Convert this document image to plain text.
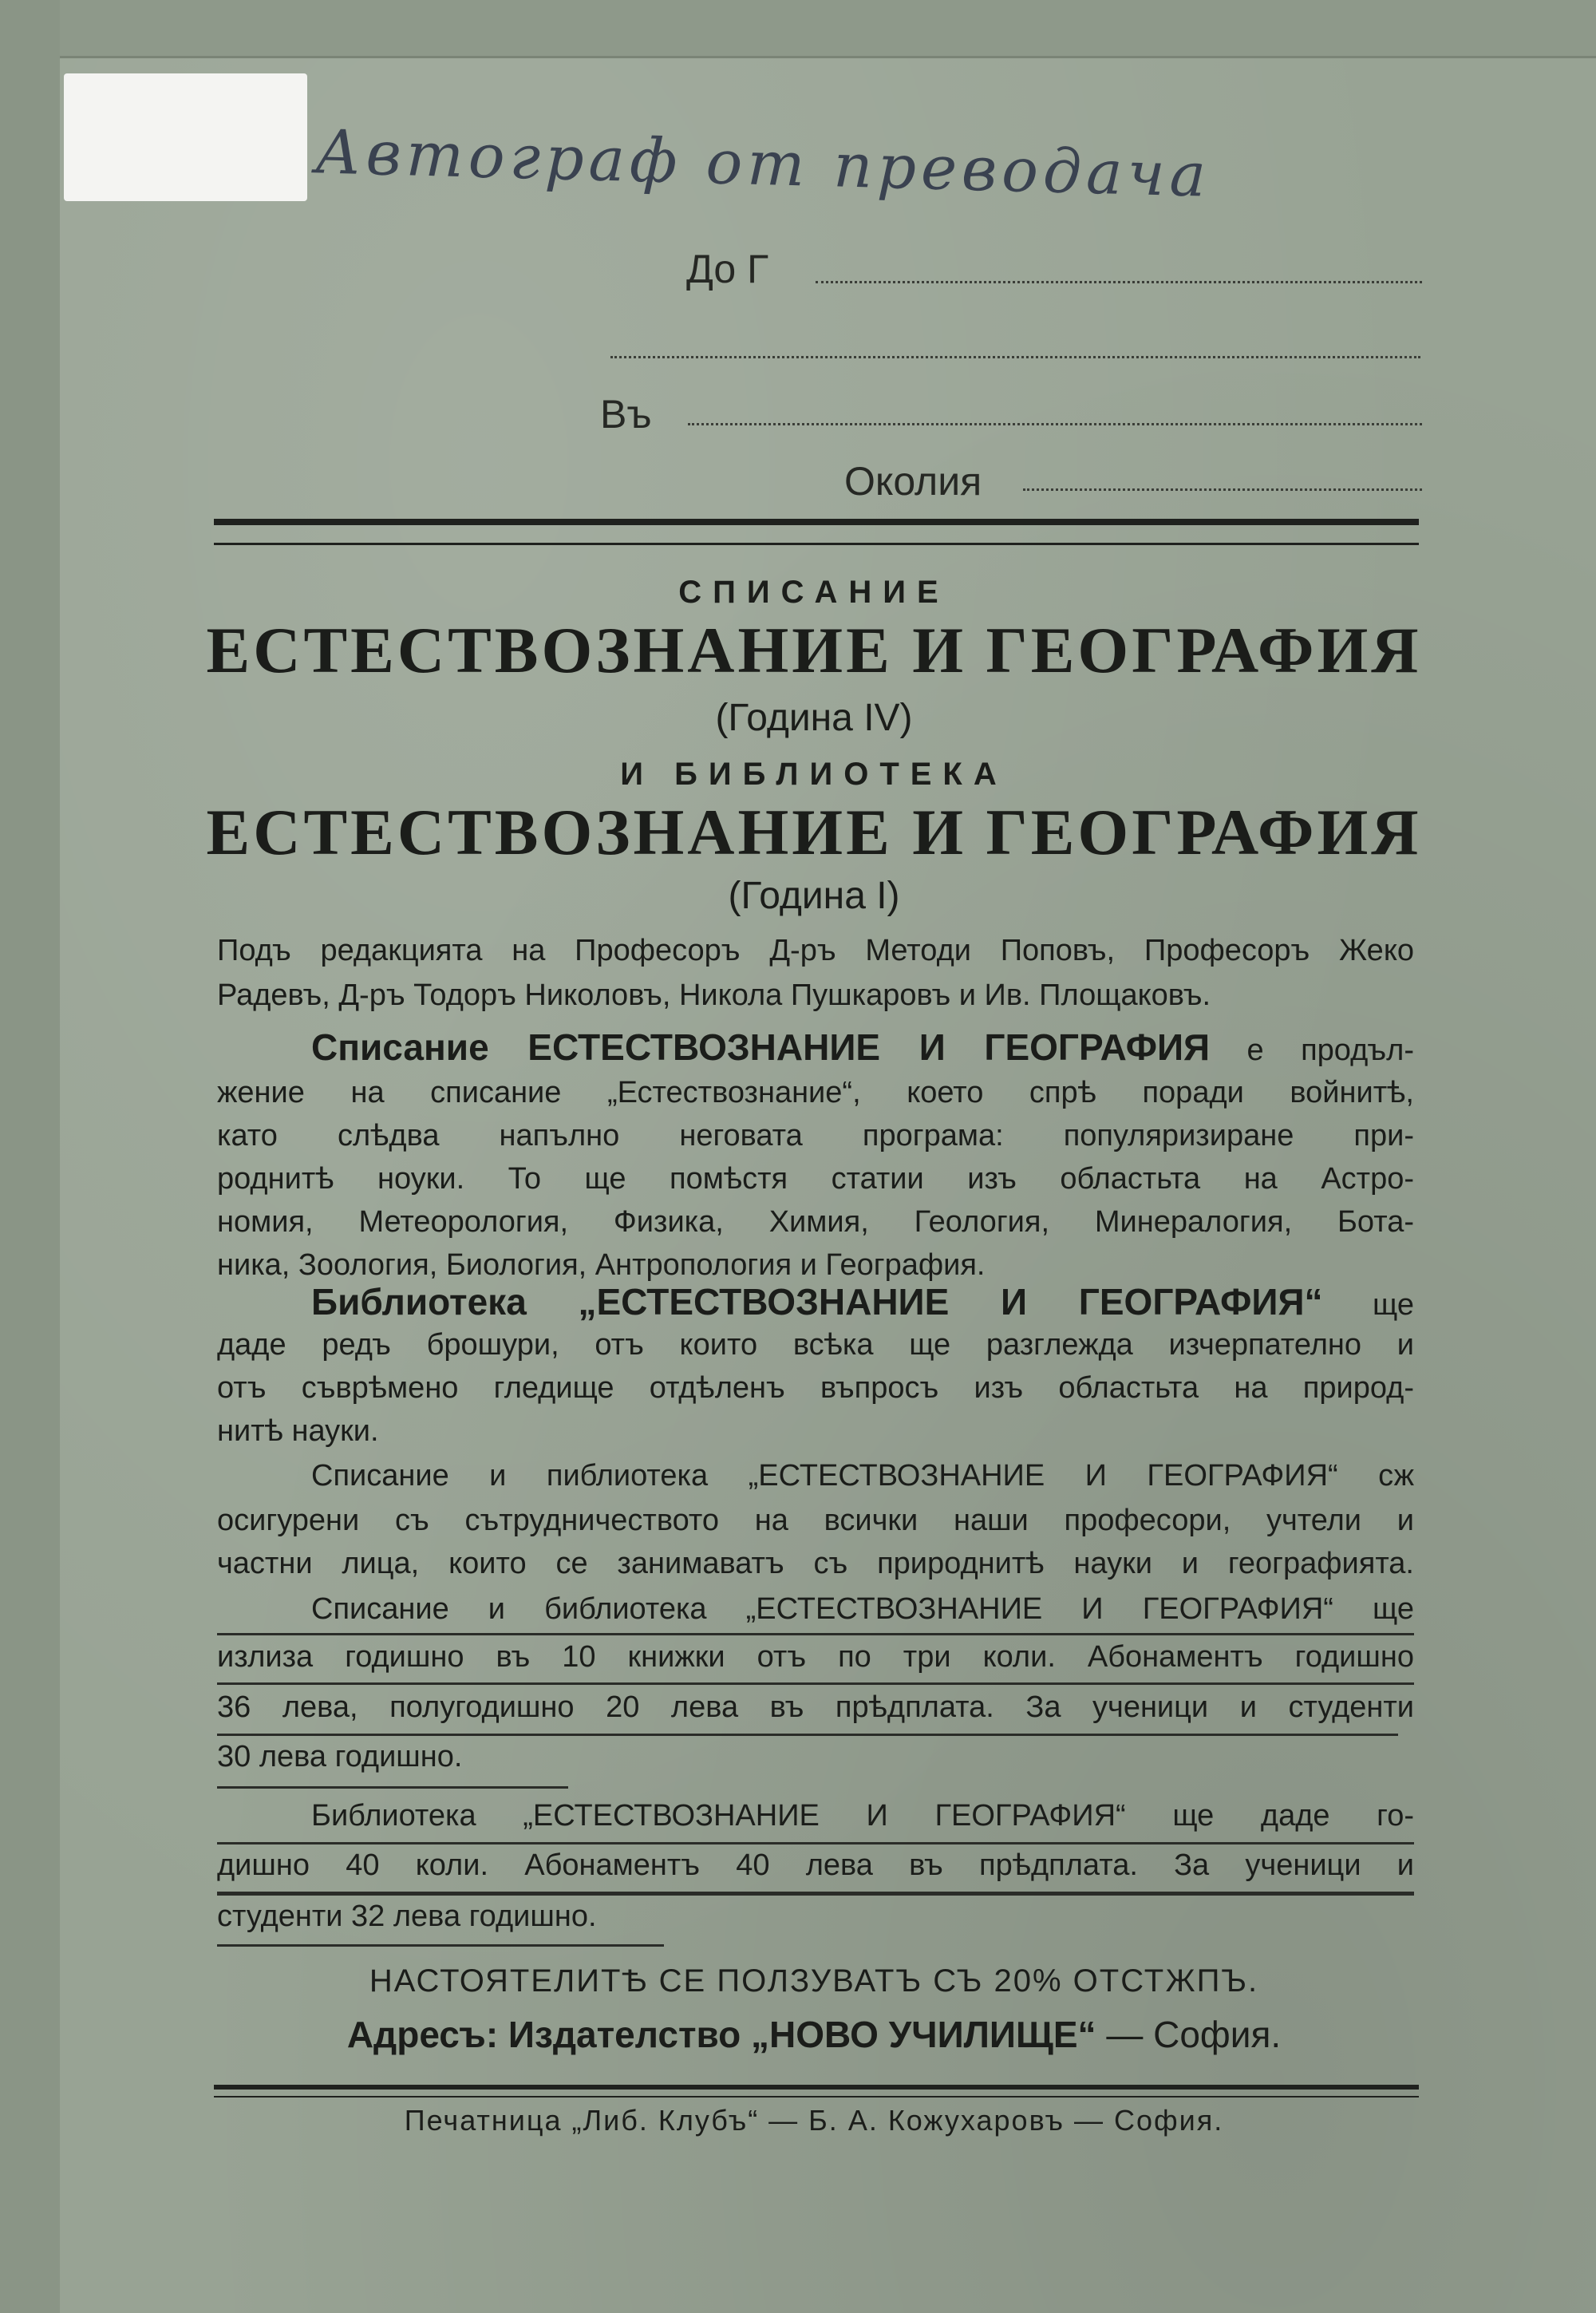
Автограф от преводача
До Г
Въ
Околия
СПИСАНИЕ
ЕСТЕСТВОЗНАНИЕ И ГЕОГРАФИЯ
(Година IV)
И БИБЛИОТЕКА
ЕСТЕСТВОЗНАНИЕ И ГЕОГРАФИЯ
(Година I)
Подъ редакцията на Професоръ Д-ръ Методи Поповъ, Професоръ Жеко
Радевъ, Д-ръ Тодоръ Николовъ, Никола Пушкаровъ и Ив. Площаковъ.
Списание ЕСТЕСТВОЗНАНИЕ И ГЕОГРАФИЯ е продъл-
жение на списание „Естествознание“, което спрѣ поради войнитѣ,
като слѣдва напълно неговата програма: популяризиране при-
роднитѣ ноуки. То ще помѣстя статии изъ областьта на Астро-
номия, Метеорология, Физика, Химия, Геология, Минералогия, Бота-
ника, Зоология, Биология, Антропология и География.
Библиотека „ЕСТЕСТВОЗНАНИЕ И ГЕОГРАФИЯ“ ще
даде редъ брошури, отъ които всѣка ще разглежда изчерпателно и
отъ съврѣмено гледище отдѣленъ въпросъ изъ областьта на природ-
нитѣ науки.
Списание и пиблиотека „ЕСТЕСТВОЗНАНИЕ И ГЕОГРАФИЯ“ сж
осигурени съ сътрудничеството на всички наши професори, учтели и
частни лица, които се занимаватъ съ природнитѣ науки и географията.
Списание и библиотека „ЕСТЕСТВОЗНАНИЕ И ГЕОГРАФИЯ“ ще
излиза годишно въ 10 книжки отъ по три коли. Абонаментъ годишно
36 лева, полугодишно 20 лева въ прѣдплата. За ученици и студенти
30 лева годишно.
Библиотека „ЕСТЕСТВОЗНАНИЕ И ГЕОГРАФИЯ“ ще даде го-
дишно 40 коли. Абонаментъ 40 лева въ прѣдплата. За ученици и
студенти 32 лева годишно.
НАСТОЯТЕЛИТѢ СЕ ПОЛЗУВАТЪ СЪ 20% ОТСТЖПЪ.
Адресъ: Издателство „НОВО УЧИЛИЩЕ“ — София.
Печатница „Либ. Клубъ“ — Б. А. Кожухаровъ — София.
